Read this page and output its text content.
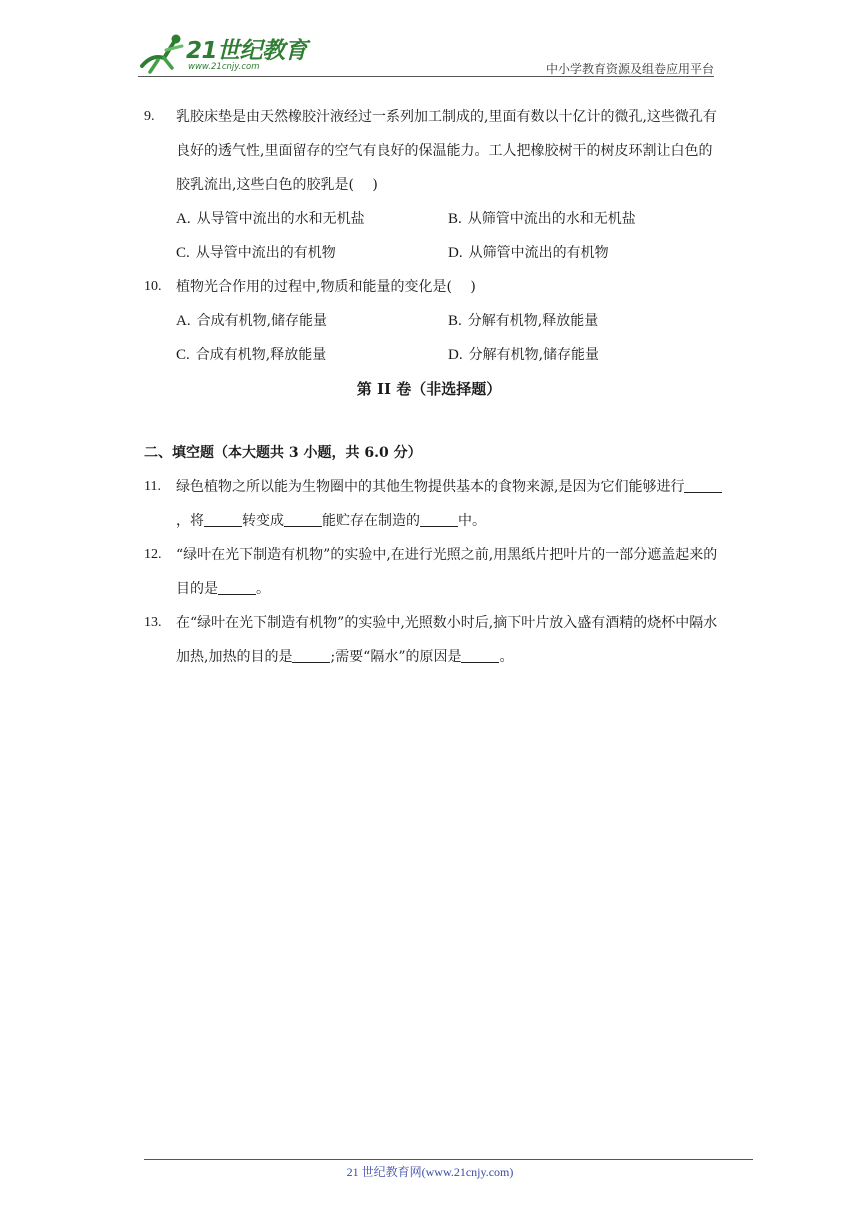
21世纪教育
www.21cnjy.com	中小学教育资源及组卷应用平台
9.	乳胶床垫是由天然橡胶汁液经过一系列加工制成的,里面有数以十亿计的微孔,这些微孔有良好的透气性,里面留存的空气有良好的保温能力。工人把橡胶树干的树皮环割让白色的胶乳流出,这些白色的胶乳是(　 )
A. 从导管中流出的水和无机盐	B. 从筛管中流出的水和无机盐
C. 从导管中流出的有机物	D. 从筛管中流出的有机物
10.	植物光合作用的过程中,物质和能量的变化是(　 )
A. 合成有机物,储存能量	B. 分解有机物,释放能量
C. 合成有机物,释放能量	D. 分解有机物,储存能量
第 II 卷（非选择题）
二、填空题（本大题共 3 小题，共 6.0 分）
11.	绿色植物之所以能为生物圈中的其他生物提供基本的食物来源,是因为它们能够进行，将	转变成	能贮存在制造的	中。
12.	“绿叶在光下制造有机物”的实验中,在进行光照之前,用黑纸片把叶片的一部分遮盖起来的目的是	。
13.	在“绿叶在光下制造有机物”的实验中,光照数小时后,摘下叶片放入盛有酒精的烧杯中隔水加热,加热的目的是	;需要“隔水”的原因是	。
21 世纪教育网(www.21cnjy.com)
